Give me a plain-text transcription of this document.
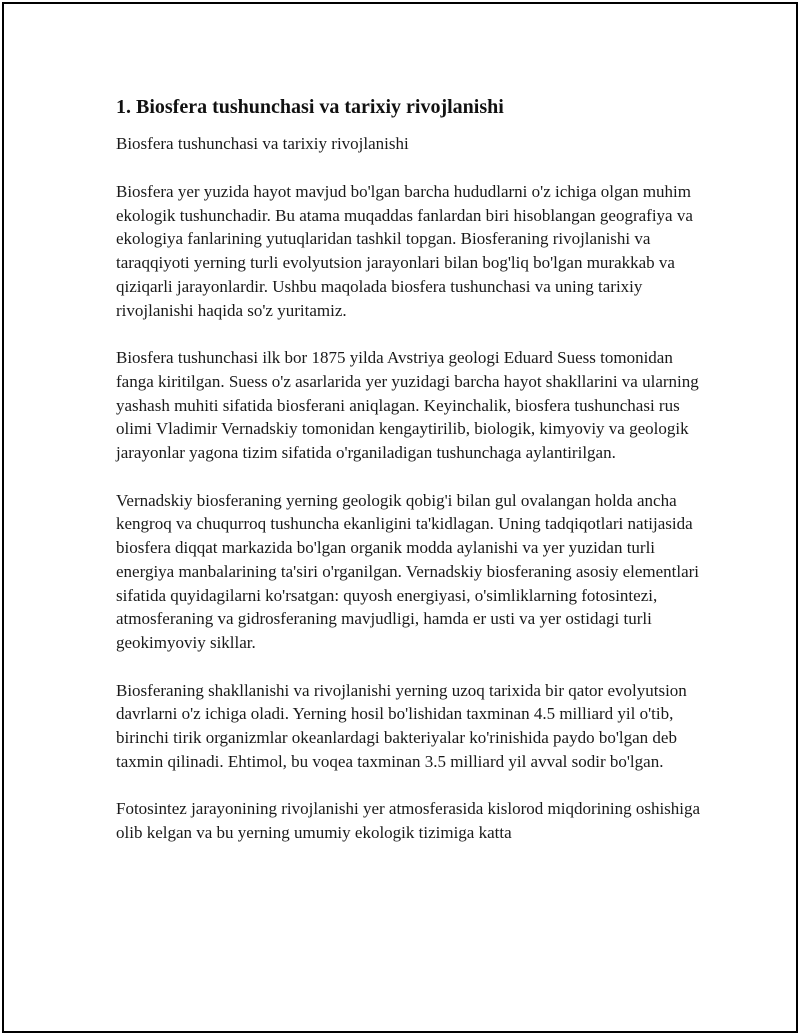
1. Biosfera tushunchasi va tarixiy rivojlanishi

Biosfera tushunchasi va tarixiy rivojlanishi

Biosfera yer yuzida hayot mavjud bo'lgan barcha hududlarni o'z ichiga olgan muhim ekologik tushunchadir. Bu atama muqaddas fanlardan biri hisoblangan geografiya va ekologiya fanlarining yutuqlaridan tashkil topgan. Biosferaning rivojlanishi va taraqqiyoti yerning turli evolyutsion jarayonlari bilan bog'liq bo'lgan murakkab va qiziqarli jarayonlardir. Ushbu maqolada biosfera tushunchasi va uning tarixiy rivojlanishi haqida so'z yuritamiz.

Biosfera tushunchasi ilk bor 1875 yilda Avstriya geologi Eduard Suess tomonidan fanga kiritilgan. Suess o'z asarlarida yer yuzidagi barcha hayot shakllarini va ularning yashash muhiti sifatida biosferani aniqlagan. Keyinchalik, biosfera tushunchasi rus olimi Vladimir Vernadskiy tomonidan kengaytirilib, biologik, kimyoviy va geologik jarayonlar yagona tizim sifatida o'rganiladigan tushunchaga aylantirilgan.

Vernadskiy biosferaning yerning geologik qobig'i bilan gul ovalangan holda ancha kengroq va chuqurroq tushuncha ekanligini ta'kidlagan. Uning tadqiqotlari natijasida biosfera diqqat markazida bo'lgan organik modda aylanishi va yer yuzidan turli energiya manbalarining ta'siri o'rganilgan. Vernadskiy biosferaning asosiy elementlari sifatida quyidagilarni ko'rsatgan: quyosh energiyasi, o'simliklarning fotosintezi, atmosferaning va gidrosferaning mavjudligi, hamda er usti va yer ostidagi turli geokimyoviy sikllar.

Biosferaning shakllanishi va rivojlanishi yerning uzoq tarixida bir qator evolyutsion davrlarni o'z ichiga oladi. Yerning hosil bo'lishidan taxminan 4.5 milliard yil o'tib, birinchi tirik organizmlar okeanlardagi bakteriyalar ko'rinishida paydo bo'lgan deb taxmin qilinadi. Ehtimol, bu voqea taxminan 3.5 milliard yil avval sodir bo'lgan.

Fotosintez jarayonining rivojlanishi yer atmosferasida kislorod miqdorining oshishiga olib kelgan va bu yerning umumiy ekologik tizimiga katta
